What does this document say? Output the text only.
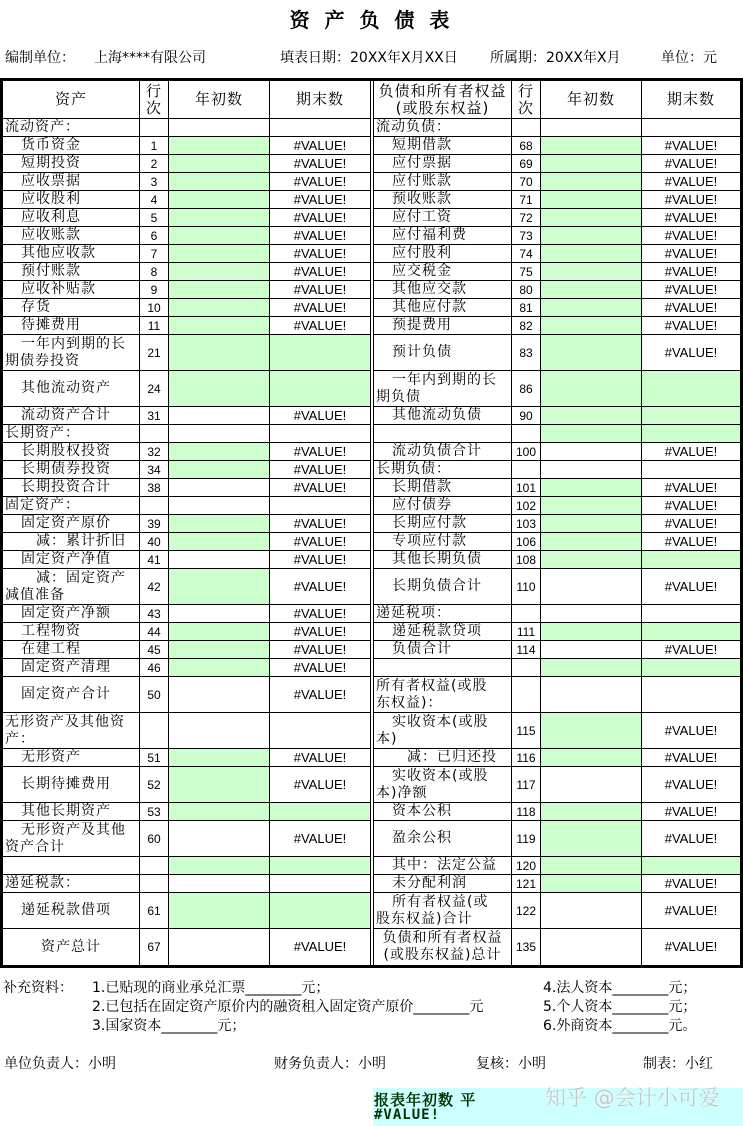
资 产 负 债 表
编制单位： 上海****有限公司	填表日期：20XX年X月XX日 所属期：20XX年X月	单位：元
资产	行
次	年初数	期末数
流动资产：			
货币资金	1		#VALUE!
短期投资	2		#VALUE!
应收票据	3		#VALUE!
应收股利	4		#VALUE!
应收利息	5		#VALUE!
应收账款	6		#VALUE!
其他应收款	7		#VALUE!
预付账款	8		#VALUE!
应收补贴款	9		#VALUE!
存货	10		#VALUE!
待摊费用	11		#VALUE!
一年内到期的长
期债券投资	21		
其他流动资产	24		
流动资产合计	31		#VALUE!
长期资产：			
长期股权投资	32		#VALUE!
长期债券投资	34		#VALUE!
长期投资合计	38		#VALUE!
固定资产：			
固定资产原价	39		#VALUE!
减：累计折旧	40		#VALUE!
固定资产净值	41		#VALUE!
减：固定资产
减值准备	42		#VALUE!
固定资产净额	43		#VALUE!
工程物资	44		#VALUE!
在建工程	45		#VALUE!
固定资产清理	46		#VALUE!
固定资产合计	50		#VALUE!
无形资产及其他资
产：			
无形资产	51		#VALUE!
长期待摊费用	52		#VALUE!
其他长期资产	53		
无形资产及其他
资产合计	60		#VALUE!

递延税款：			
递延税款借项	61		
资产总计	67		#VALUE!
负债和所有者权益
(或股东权益)	行
次	年初数	期末数
流动负债：			
短期借款	68		#VALUE!
应付票据	69		#VALUE!
应付账款	70		#VALUE!
预收账款	71		#VALUE!
应付工资	72		#VALUE!
应付福利费	73		#VALUE!
应付股利	74		#VALUE!
应交税金	75		#VALUE!
其他应交款	80		#VALUE!
其他应付款	81		#VALUE!
预提费用	82		#VALUE!
预计负债	83		#VALUE!
一年内到期的长
期负债	86		
其他流动负债	90		

流动负债合计	100		#VALUE!
长期负债：			
长期借款	101		#VALUE!
应付债券	102		#VALUE!
长期应付款	103		#VALUE!
专项应付款	106		#VALUE!
其他长期负债	108		
长期负债合计	110		#VALUE!
递延税项：			
递延税款贷项	111		
负债合计	114		#VALUE!

所有者权益(或股
东权益)：			
实收资本(或股
本)	115		#VALUE!
减：已归还投	116		#VALUE!
实收资本(或股
本)净额	117		#VALUE!
资本公积	118		#VALUE!
盈余公积	119		#VALUE!
其中：法定公益	120		
未分配利润	121		#VALUE!
所有者权益(或
股东权益)合计	122		#VALUE!
负债和所有者权益
(或股东权益)总计	135		#VALUE!
补充资料： 1.已贴现的商业承兑汇票________元；
2.已包括在固定资产原价内的融资租入固定资产原价________元
3.国家资本________元；
4.法人资本________元；
5.个人资本________元；
6.外商资本________元。
单位负责人：小明	财务负责人：小明	复核：小明	制表：小红
报表年初数 平
#VALUE!
知乎 @会计小可爱
